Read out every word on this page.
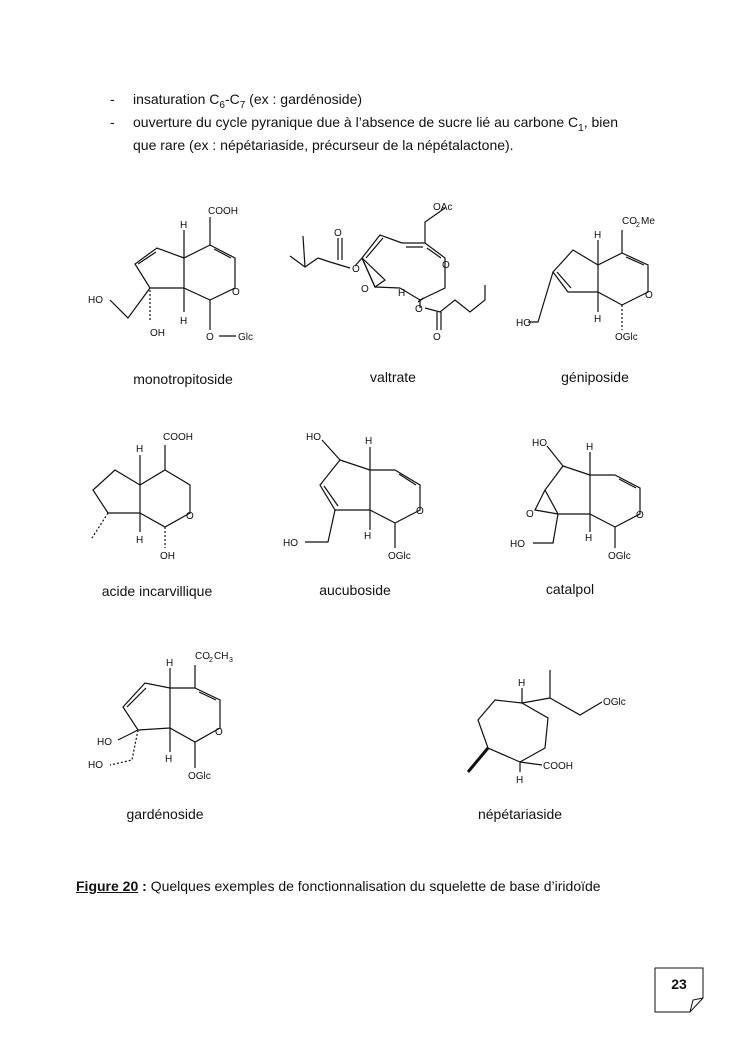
- insaturation $C_6-C_7$ (ex : gardénoside)

- ouverture du cycle pyranique due à l’absence de sucre lié au carbone $C_1$, bien
que rare (ex : népétariaside, précurseur de la népétalactone).

COOH
H
O
HO
H
OH	O Glc
OAc
O
O	O
O	H
O
O
CO 2 Me
H
O
HO	H
OGlc
COOH
H
O
H
OH
HO	H
O
HO
H
OGlc
HO	H
O	O
HO
H
OGlc
CO 2 CH 3
H
O
HO
HO
H
OGlc
H
OGlc
COOH
H
monotropitoside	valtrate	géniposide
acide incarvillique	aucuboside	catalpol
gardénoside	népétariaside
Figure 20 : Quelques exemples de fonctionnalisation du squelette de base d’iridoïde
23
